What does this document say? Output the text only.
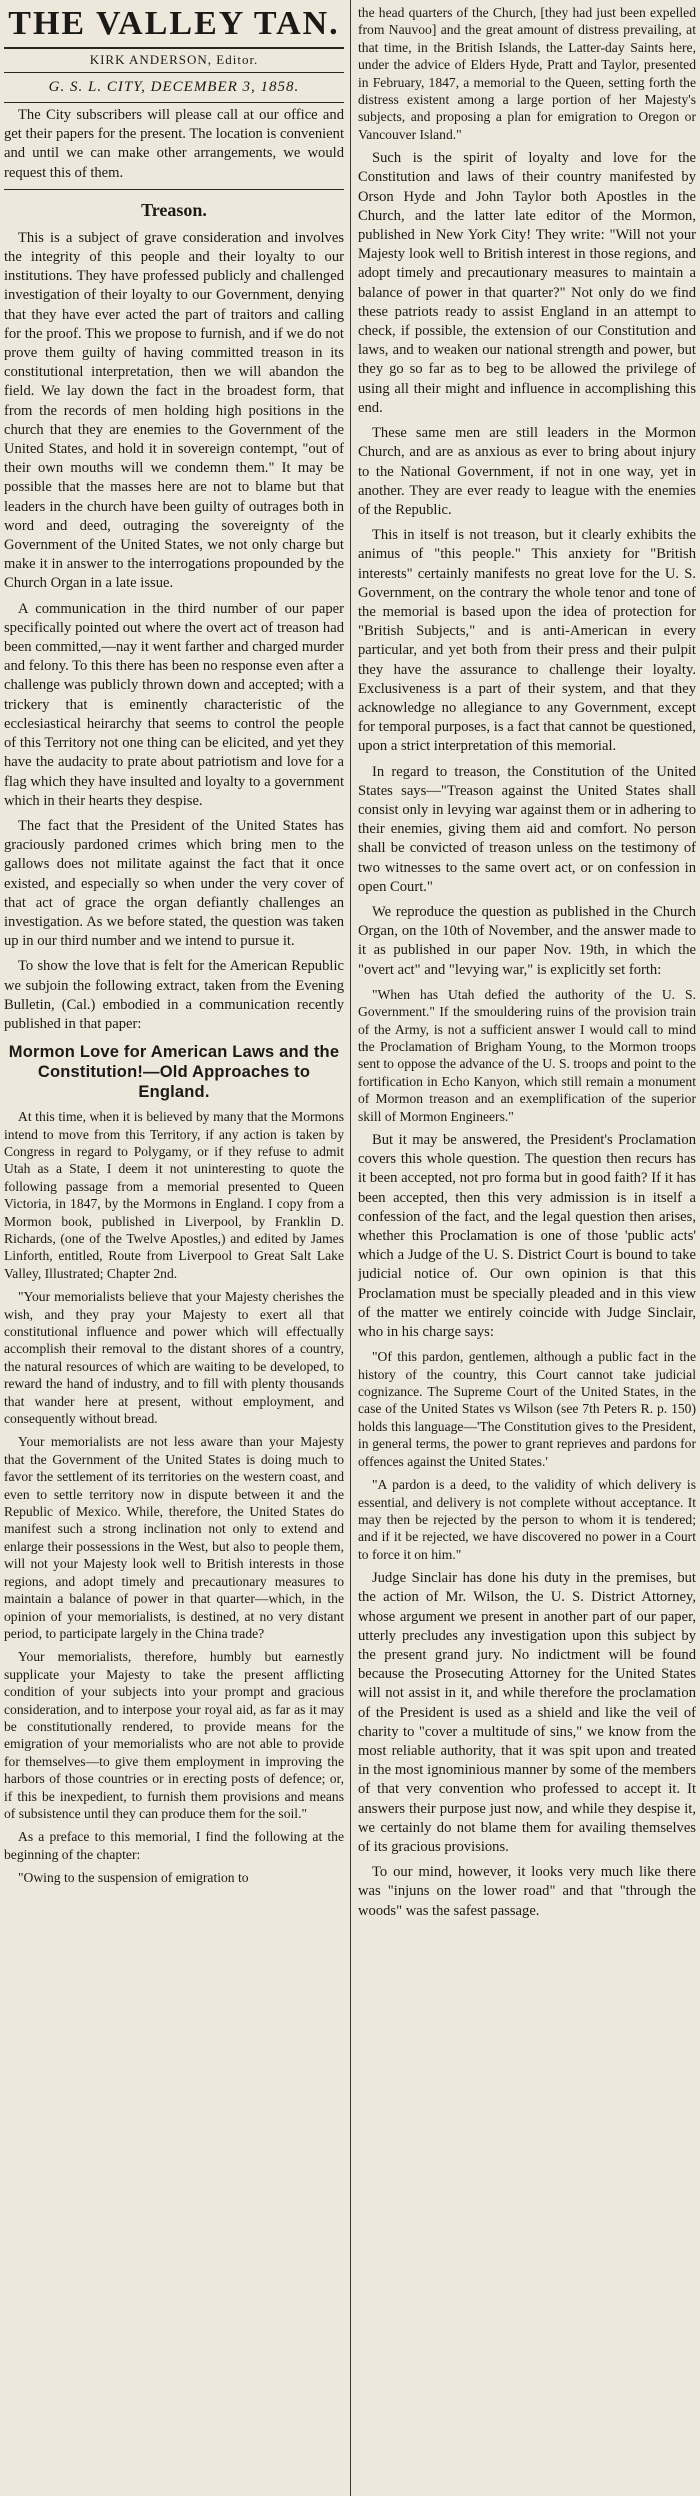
THE VALLEY TAN.
KIRK ANDERSON, Editor.
G. S. L. CITY, DECEMBER 3, 1858.

The City subscribers will please call at our office and get their papers for the present. The location is convenient and until we can make other arrangements, we would request this of them.

Treason.

This is a subject of grave consideration and involves the integrity of this people and their loyalty to our institutions. They have professed publicly and challenged investigation of their loyalty to our Government, denying that they have ever acted the part of traitors and calling for the proof. This we propose to furnish, and if we do not prove them guilty of having committed treason in its constitutional interpretation, then we will abandon the field. We lay down the fact in the broadest form, that from the records of men holding high positions in the church that they are enemies to the Government of the United States, and hold it in sovereign contempt, "out of their own mouths will we condemn them." It may be possible that the masses here are not to blame but that leaders in the church have been guilty of outrages both in word and deed, outraging the sovereignty of the Government of the United States, we not only charge but make it in answer to the interrogations propounded by the Church Organ in a late issue.

A communication in the third number of our paper specifically pointed out where the overt act of treason had been committed,—nay it went farther and charged murder and felony. To this there has been no response even after a challenge was publicly thrown down and accepted; with a trickery that is eminently characteristic of the ecclesiastical heirarchy that seems to control the people of this Territory not one thing can be elicited, and yet they have the audacity to prate about patriotism and love for a flag which they have insulted and loyalty to a government which in their hearts they despise.

The fact that the President of the United States has graciously pardoned crimes which bring men to the gallows does not militate against the fact that it once existed, and especially so when under the very cover of that act of grace the organ defiantly challenges an investigation. As we before stated, the question was taken up in our third number and we intend to pursue it.

To show the love that is felt for the American Republic we subjoin the following extract, taken from the Evening Bulletin, (Cal.) embodied in a communication recently published in that paper:

Mormon Love for American Laws and the Constitution!—Old Approaches to England.

At this time, when it is believed by many that the Mormons intend to move from this Territory, if any action is taken by Congress in regard to Polygamy, or if they refuse to admit Utah as a State, I deem it not uninteresting to quote the following passage from a memorial presented to Queen Victoria, in 1847, by the Mormons in England. I copy from a Mormon book, published in Liverpool, by Franklin D. Richards, (one of the Twelve Apostles,) and edited by James Linforth, entitled, Route from Liverpool to Great Salt Lake Valley, Illustrated; Chapter 2nd.

"Your memorialists believe that your Majesty cherishes the wish, and they pray your Majesty to exert all that constitutional influence and power which will effectually accomplish their removal to the distant shores of a country, the natural resources of which are waiting to be developed, to reward the hand of industry, and to fill with plenty thousands that wander here at present, without employment, and consequently without bread.

Your memorialists are not less aware than your Majesty that the Government of the United States is doing much to favor the settlement of its territories on the western coast, and even to settle territory now in dispute between it and the Republic of Mexico. While, therefore, the United States do manifest such a strong inclination not only to extend and enlarge their possessions in the West, but also to people them, will not your Majesty look well to British interests in those regions, and adopt timely and precautionary measures to maintain a balance of power in that quarter—which, in the opinion of your memorialists, is destined, at no very distant period, to participate largely in the China trade?

Your memorialists, therefore, humbly but earnestly supplicate your Majesty to take the present afflicting condition of your subjects into your prompt and gracious consideration, and to interpose your royal aid, as far as it may be constitutionally rendered, to provide means for the emigration of your memorialists who are not able to provide for themselves—to give them employment in improving the harbors of those countries or in erecting posts of defence; or, if this be inexpedient, to furnish them provisions and means of subsistence until they can produce them for the soil."

As a preface to this memorial, I find the following at the beginning of the chapter:

"Owing to the suspension of emigration to

the head quarters of the Church, [they had just been expelled from Nauvoo] and the great amount of distress prevailing, at that time, in the British Islands, the Latter-day Saints here, under the advice of Elders Hyde, Pratt and Taylor, presented in February, 1847, a memorial to the Queen, setting forth the distress existent among a large portion of her Majesty's subjects, and proposing a plan for emigration to Oregon or Vancouver Island."

Such is the spirit of loyalty and love for the Constitution and laws of their country manifested by Orson Hyde and John Taylor both Apostles in the Church, and the latter late editor of the Mormon, published in New York City! They write: "Will not your Majesty look well to British interest in those regions, and adopt timely and precautionary measures to maintain a balance of power in that quarter?" Not only do we find these patriots ready to assist England in an attempt to check, if possible, the extension of our Constitution and laws, and to weaken our national strength and power, but they go so far as to beg to be allowed the privilege of using all their might and influence in accomplishing this end.

These same men are still leaders in the Mormon Church, and are as anxious as ever to bring about injury to the National Government, if not in one way, yet in another. They are ever ready to league with the enemies of the Republic.

This in itself is not treason, but it clearly exhibits the animus of "this people." This anxiety for "British interests" certainly manifests no great love for the U. S. Government, on the contrary the whole tenor and tone of the memorial is based upon the idea of protection for "British Subjects," and is anti-American in every particular, and yet both from their press and their pulpit they have the assurance to challenge their loyalty. Exclusiveness is a part of their system, and that they acknowledge no allegiance to any Government, except for temporal purposes, is a fact that cannot be questioned, upon a strict interpretation of this memorial.

In regard to treason, the Constitution of the United States says—"Treason against the United States shall consist only in levying war against them or in adhering to their enemies, giving them aid and comfort. No person shall be convicted of treason unless on the testimony of two witnesses to the same overt act, or on confession in open Court."

We reproduce the question as published in the Church Organ, on the 10th of November, and the answer made to it as published in our paper Nov. 19th, in which the "overt act" and "levying war," is explicitly set forth:

"When has Utah defied the authority of the U. S. Government." If the smouldering ruins of the provision train of the Army, is not a sufficient answer I would call to mind the Proclamation of Brigham Young, to the Mormon troops sent to oppose the advance of the U. S. troops and point to the fortification in Echo Kanyon, which still remain a monument of Mormon treason and an exemplification of the superior skill of Mormon Engineers."

But it may be answered, the President's Proclamation covers this whole question. The question then recurs has it been accepted, not pro forma but in good faith? If it has been accepted, then this very admission is in itself a confession of the fact, and the legal question then arises, whether this Proclamation is one of those 'public acts' which a Judge of the U. S. District Court is bound to take judicial notice of. Our own opinion is that this Proclamation must be specially pleaded and in this view of the matter we entirely coincide with Judge Sinclair, who in his charge says:

"Of this pardon, gentlemen, although a public fact in the history of the country, this Court cannot take judicial cognizance. The Supreme Court of the United States, in the case of the United States vs Wilson (see 7th Peters R. p. 150) holds this language—'The Constitution gives to the President, in general terms, the power to grant reprieves and pardons for offences against the United States.'

"A pardon is a deed, to the validity of which delivery is essential, and delivery is not complete without acceptance. It may then be rejected by the person to whom it is tendered; and if it be rejected, we have discovered no power in a Court to force it on him."

Judge Sinclair has done his duty in the premises, but the action of Mr. Wilson, the U. S. District Attorney, whose argument we present in another part of our paper, utterly precludes any investigation upon this subject by the present grand jury. No indictment will be found because the Prosecuting Attorney for the United States will not assist in it, and while therefore the proclamation of the President is used as a shield and like the veil of charity to "cover a multitude of sins," we know from the most reliable authority, that it was spit upon and treated in the most ignominious manner by some of the members of that very convention who professed to accept it. It answers their purpose just now, and while they despise it, we certainly do not blame them for availing themselves of its gracious provisions.

To our mind, however, it looks very much like there was "injuns on the lower road" and that "through the woods" was the safest passage.
